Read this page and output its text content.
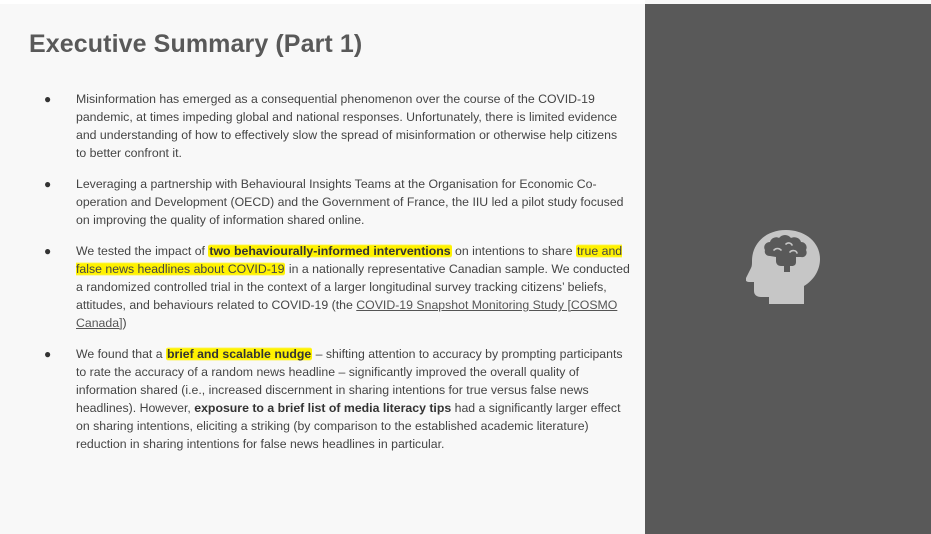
Executive Summary (Part 1)
● Misinformation has emerged as a consequential phenomenon over the course of the COVID-19 pandemic, at times impeding global and national responses. Unfortunately, there is limited evidence and understanding of how to effectively slow the spread of misinformation or otherwise help citizens to better confront it.
● Leveraging a partnership with Behavioural Insights Teams at the Organisation for Economic Co-operation and Development (OECD) and the Government of France, the IIU led a pilot study focused on improving the quality of information shared online.
● We tested the impact of two behaviourally-informed interventions on intentions to share true and false news headlines about COVID-19 in a nationally representative Canadian sample. We conducted a randomized controlled trial in the context of a larger longitudinal survey tracking citizens’ beliefs, attitudes, and behaviours related to COVID-19 (the COVID-19 Snapshot Monitoring Study [COSMO Canada])
● We found that a brief and scalable nudge – shifting attention to accuracy by prompting participants to rate the accuracy of a random news headline – significantly improved the overall quality of information shared (i.e., increased discernment in sharing intentions for true versus false news headlines). However, exposure to a brief list of media literacy tips had a significantly larger effect on sharing intentions, eliciting a striking (by comparison to the established academic literature) reduction in sharing intentions for false news headlines in particular.
